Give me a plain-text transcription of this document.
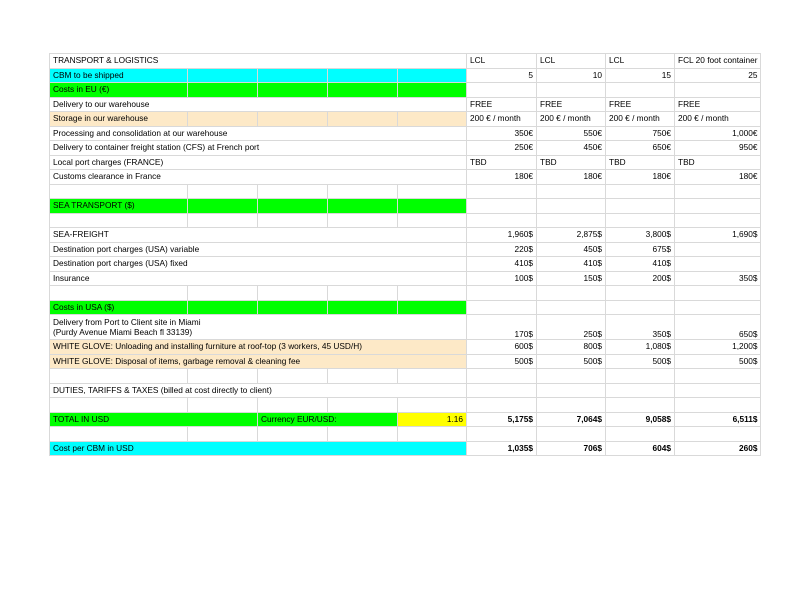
TRANSPORT & LOGISTICS					LCL	LCL	LCL	FCL 20 foot container
CBM to be shipped					5	10	15	25
Costs in EU (€)								
Delivery to our warehouse					FREE	FREE	FREE	FREE
Storage in our warehouse					200 € / month	200 € / month	200 € / month	200 € / month
Processing and consolidation at our warehouse					350€	550€	750€	1,000€
Delivery to container freight station (CFS) at French port					250€	450€	650€	950€
Local port charges (FRANCE)					TBD	TBD	TBD	TBD
Customs clearance in France					180€	180€	180€	180€

SEA TRANSPORT ($)								

SEA-FREIGHT					1,960$	2,875$	3,800$	1,690$
Destination port charges (USA) variable					220$	450$	675$	
Destination port charges (USA) fixed					410$	410$	410$	
Insurance					100$	150$	200$	350$

Costs in USA ($)								
Delivery from Port to Client site in Miami
(Purdy Avenue Miami Beach fl 33139)					170$	250$	350$	650$
WHITE GLOVE: Unloading and installing furniture at roof-top (3 workers, 45 USD/H)					600$	800$	1,080$	1,200$
WHITE GLOVE: Disposal of items, garbage removal & cleaning fee					500$	500$	500$	500$

DUTIES, TARIFFS & TAXES (billed at cost directly to client)								

TOTAL IN USD		Currency EUR/USD:		1.16	5,175$	7,064$	9,058$	6,511$

Cost per CBM in USD					1,035$	706$	604$	260$
